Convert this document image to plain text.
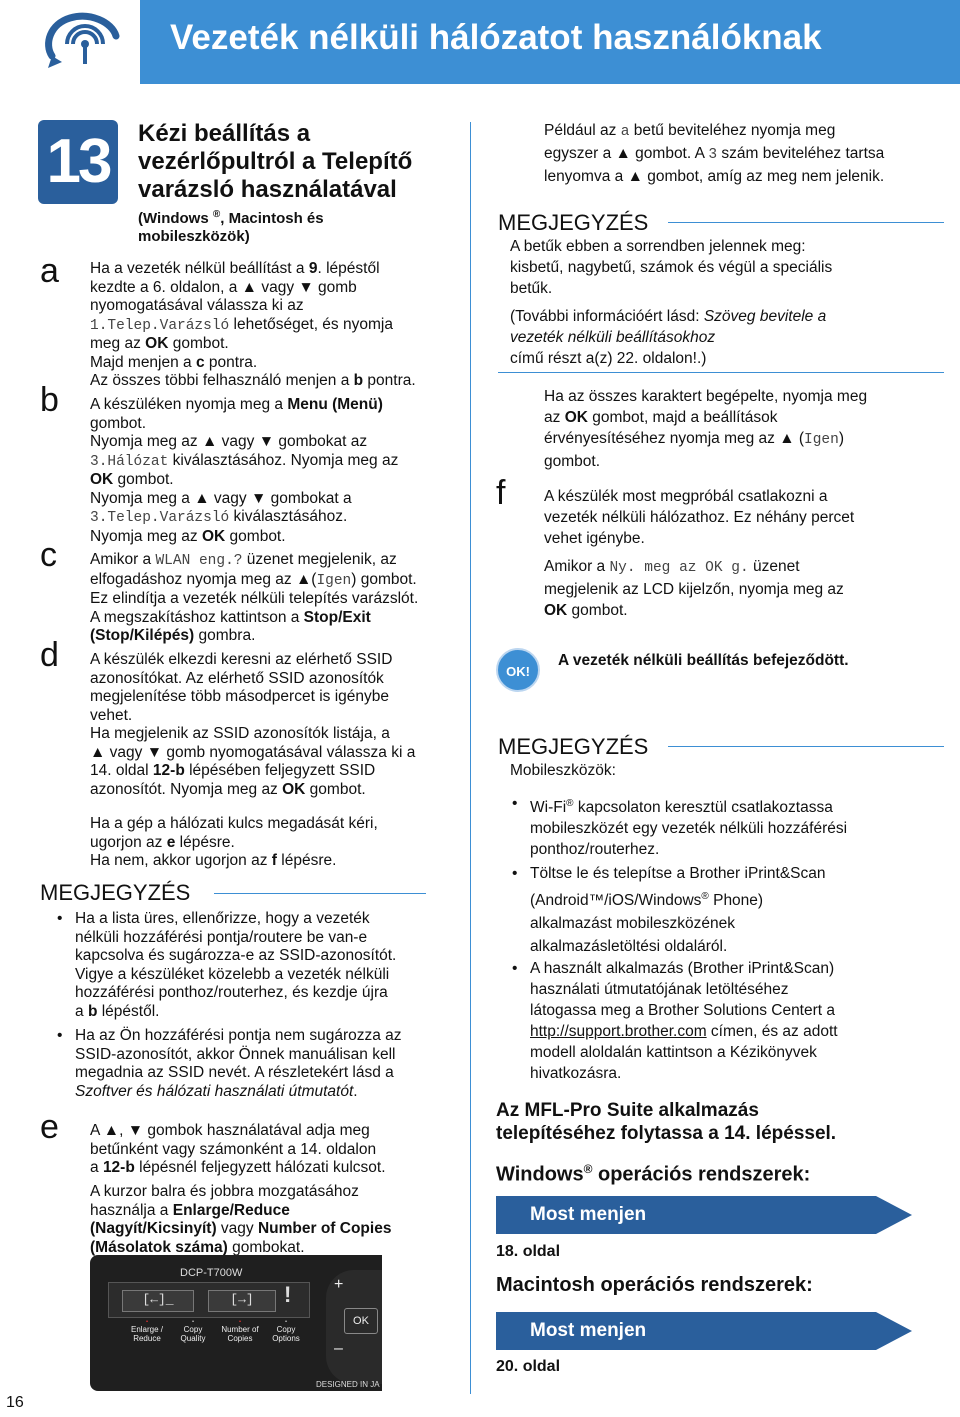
Vezeték nélküli hálózatot használóknak
13	Kézi beállítás a
vezérlőpultról a Telepítő
varázsló használatával
(Windows ®, Macintosh és
mobileszközök)
a Ha a vezeték nélkül beállítást a 9. lépéstől
kezdte a 6. oldalon, a ▲ vagy ▼ gomb
nyomogatásával válassza ki az
1.Telep.Varázsló lehetőséget, és nyomja
meg az OK gombot.
Majd menjen a c pontra.
Az összes többi felhasználó menjen a b pontra.
b A készüléken nyomja meg a Menu (Menü)
gombot.
Nyomja meg az ▲ vagy ▼ gombokat az
3.Hálózat kiválasztásához. Nyomja meg az
OK gombot.
Nyomja meg a ▲ vagy ▼ gombokat a
3.Telep.Varázsló kiválasztásához.
Nyomja meg az OK gombot.
c Amikor a WLAN eng.? üzenet megjelenik, az
elfogadáshoz nyomja meg az ▲(Igen) gombot.
Ez elindítja a vezeték nélküli telepítés varázslót.
A megszakításhoz kattintson a Stop/Exit
(Stop/Kilépés) gombra.
d A készülék elkezdi keresni az elérhető SSID
azonosítókat. Az elérhető SSID azonosítók
megjelenítése több másodpercet is igénybe
vehet.
Ha megjelenik az SSID azonosítók listája, a
▲ vagy ▼ gomb nyomogatásával válassza ki a
14. oldal 12-b lépésében feljegyzett SSID
azonosítót. Nyomja meg az OK gombot.
Ha a gép a hálózati kulcs megadását kéri,
ugorjon az e lépésre.
Ha nem, akkor ugorjon az f lépésre.
MEGJEGYZÉS
Ha a lista üres, ellenőrizze, hogy a vezeték
nélküli hozzáférési pontja/routere be van-e
kapcsolva és sugározza-e az SSID-azonosítót.
Vigye a készüléket közelebb a vezeték nélküli
hozzáférési ponthoz/routerhez, és kezdje újra
a b lépéstől.
Ha az Ön hozzáférési pontja nem sugározza az
SSID-azonosítót, akkor Önnek manuálisan kell
megadnia az SSID nevét. A részletekért lásd a
Szoftver és hálózati használati útmutatót.
e A ▲, ▼ gombok használatával adja meg
betűnként vagy számonként a 14. oldalon
a 12-b lépésnél feljegyzett hálózati kulcsot.
A kurzor balra és jobbra mozgatásához
használja a Enlarge/Reduce
(Nagyít/Kicsinyít) vagy Number of Copies
(Másolatok száma) gombokat.
DCP-T700W
[←]_	[→]	!
·
Enlarge /
Reduce
·
Copy
Quality
·
Number of
Copies
·
Copy
Options
+
OK
–
DESIGNED IN JA
16
Például az a betű beviteléhez nyomja meg
egyszer a ▲ gombot. A 3 szám beviteléhez tartsa
lenyomva a ▲ gombot, amíg az meg nem jelenik.
MEGJEGYZÉS
A betűk ebben a sorrendben jelennek meg:
kisbetű, nagybetű, számok és végül a speciális
betűk.
(További információért lásd: Szöveg bevitele a
vezeték nélküli beállításokhoz
című részt a(z) 22. oldalon!.)
Ha az összes karaktert begépelte, nyomja meg
az OK gombot, majd a beállítások
érvényesítéséhez nyomja meg az ▲ (Igen)
gombot.
f A készülék most megpróbál csatlakozni a
vezeték nélküli hálózathoz. Ez néhány percet
vehet igénybe.
Amikor a Ny. meg az OK g. üzenet
megjelenik az LCD kijelzőn, nyomja meg az
OK gombot.
OK!
A vezeték nélküli beállítás befejeződött.
MEGJEGYZÉS
Mobileszközök:
Wi-Fi® kapcsolaton keresztül csatlakoztassa
mobileszközét egy vezeték nélküli hozzáférési
ponthoz/routerhez.
Töltse le és telepítse a Brother iPrint&Scan
(Android™/iOS/Windows® Phone)
alkalmazást mobileszközének
alkalmazásletöltési oldaláról.
A használt alkalmazás (Brother iPrint&Scan)
használati útmutatójának letöltéséhez
látogassa meg a Brother Solutions Centert a
http://support.brother.com címen, és az adott
modell aloldalán kattintson a Kézikönyvek
hivatkozásra.
Az MFL-Pro Suite alkalmazás
telepítéséhez folytassa a 14. lépéssel.
Windows® operációs rendszerek:
Most menjen
18. oldal
Macintosh operációs rendszerek:
Most menjen
20. oldal
